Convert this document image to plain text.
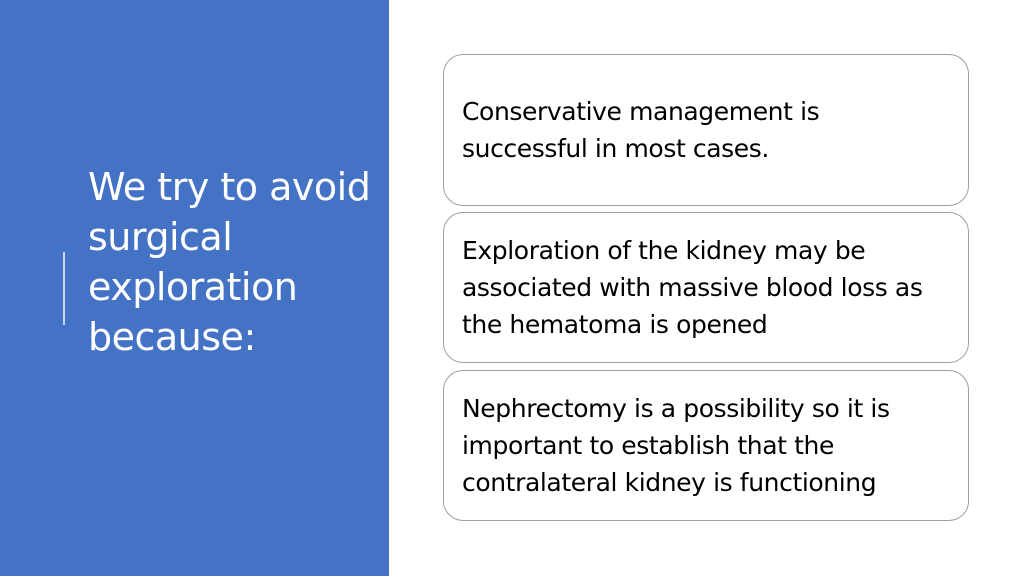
We try to avoid surgical exploration because:

Conservative management is successful in most cases.

Exploration of the kidney may be associated with massive blood loss as the hematoma is opened

Nephrectomy is a possibility so it is important to establish that the contralateral kidney is functioning
